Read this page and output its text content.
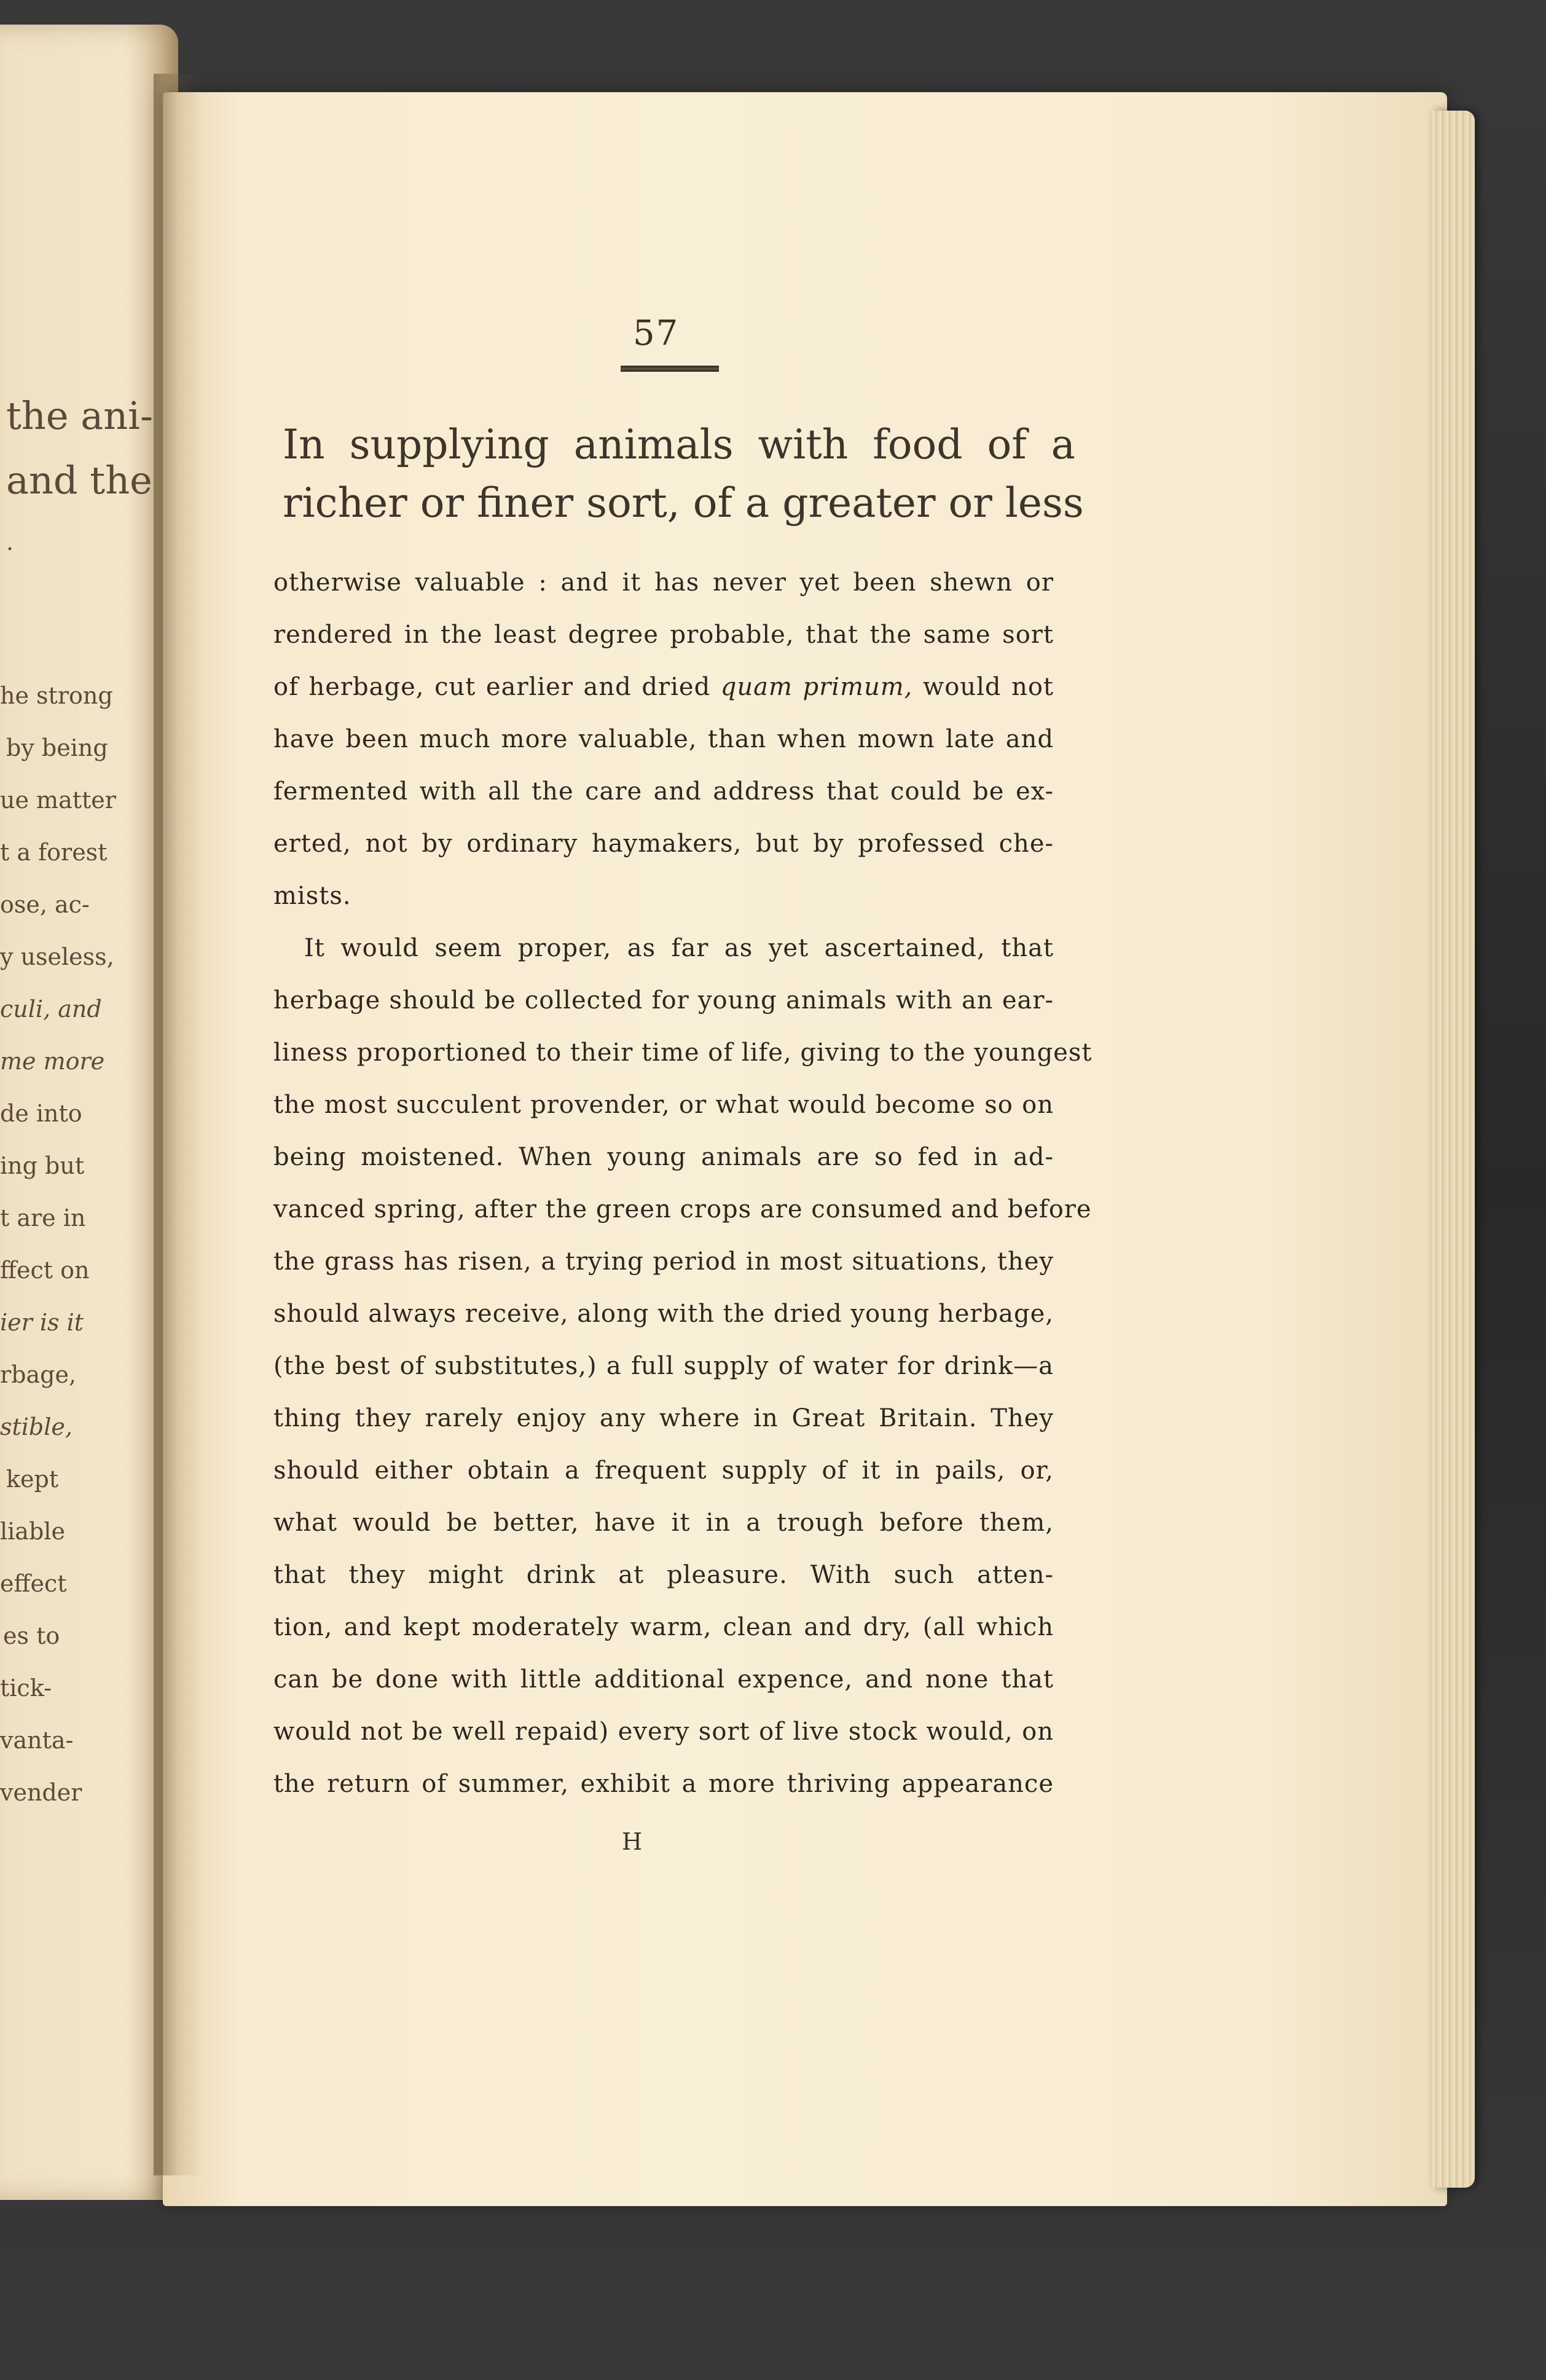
the ani-
and the
.
he strong
by being
ue matter
t a forest
ose, ac-
y useless,
culi, and
me more
de into
ing but
t are in
ffect on
ier is it
rbage,
stible,
kept
liable
effect
es to
tick-
vanta-
vender
57
In supplying animals with food of a
richer or finer sort, of a greater or less
otherwise valuable : and it has never yet been shewn or
rendered in the least degree probable, that the same sort
of herbage, cut earlier and dried quam primum, would not
have been much more valuable, than when mown late and
fermented with all the care and address that could be ex-
erted, not by ordinary haymakers, but by professed che-
mists.
It would seem proper, as far as yet ascertained, that
herbage should be collected for young animals with an ear-
liness proportioned to their time of life, giving to the youngest
the most succulent provender, or what would become so on
being moistened. When young animals are so fed in ad-
vanced spring, after the green crops are consumed and before
the grass has risen, a trying period in most situations, they
should always receive, along with the dried young herbage,
(the best of substitutes,) a full supply of water for drink—a
thing they rarely enjoy any where in Great Britain. They
should either obtain a frequent supply of it in pails, or,
what would be better, have it in a trough before them,
that they might drink at pleasure. With such atten-
tion, and kept moderately warm, clean and dry, (all which
can be done with little additional expence, and none that
would not be well repaid) every sort of live stock would, on
the return of summer, exhibit a more thriving appearance
H
